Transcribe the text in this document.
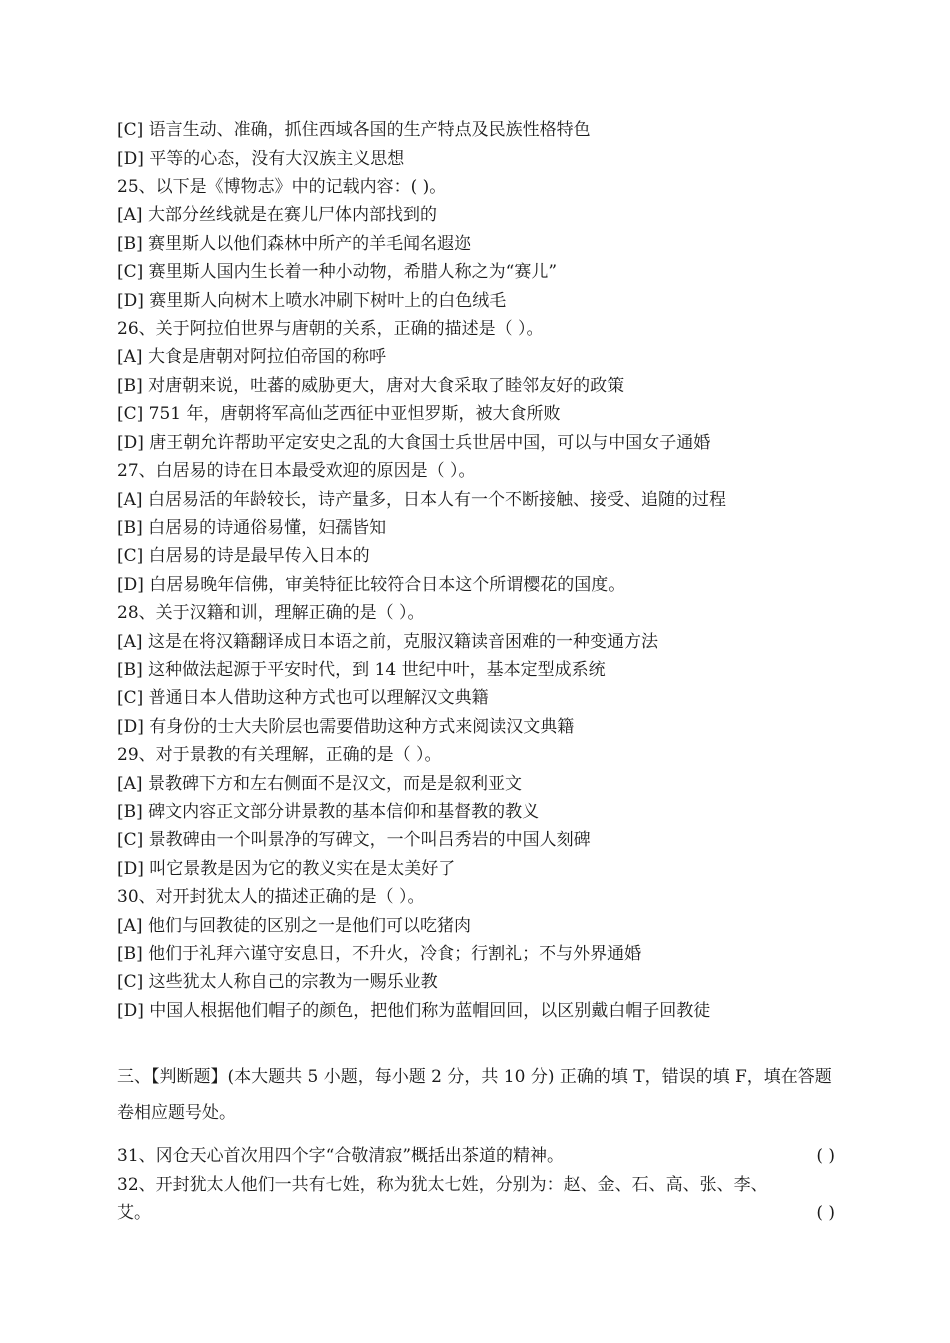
[C] 语言生动、准确，抓住西域各国的生产特点及民族性格特色
[D] 平等的心态，没有大汉族主义思想
25、以下是《博物志》中的记载内容：( )。
[A] 大部分丝线就是在赛儿尸体内部找到的
[B] 赛里斯人以他们森林中所产的羊毛闻名遐迩
[C] 赛里斯人国内生长着一种小动物，希腊人称之为“赛儿”
[D] 赛里斯人向树木上喷水冲刷下树叶上的白色绒毛
26、关于阿拉伯世界与唐朝的关系，正确的描述是（ ）。
[A] 大食是唐朝对阿拉伯帝国的称呼
[B] 对唐朝来说，吐蕃的威胁更大，唐对大食采取了睦邻友好的政策
[C] 751 年，唐朝将军高仙芝西征中亚怛罗斯，被大食所败
[D] 唐王朝允许帮助平定安史之乱的大食国士兵世居中国，可以与中国女子通婚
27、白居易的诗在日本最受欢迎的原因是（ ）。
[A] 白居易活的年龄较长，诗产量多，日本人有一个不断接触、接受、追随的过程
[B] 白居易的诗通俗易懂，妇孺皆知
[C] 白居易的诗是最早传入日本的
[D] 白居易晚年信佛，审美特征比较符合日本这个所谓樱花的国度。
28、关于汉籍和训，理解正确的是（ ）。
[A] 这是在将汉籍翻译成日本语之前，克服汉籍读音困难的一种变通方法
[B] 这种做法起源于平安时代，到 14 世纪中叶，基本定型成系统
[C] 普通日本人借助这种方式也可以理解汉文典籍
[D] 有身份的士大夫阶层也需要借助这种方式来阅读汉文典籍
29、对于景教的有关理解，正确的是（ ）。
[A] 景教碑下方和左右侧面不是汉文，而是是叙利亚文
[B] 碑文内容正文部分讲景教的基本信仰和基督教的教义
[C] 景教碑由一个叫景净的写碑文，一个叫吕秀岩的中国人刻碑
[D] 叫它景教是因为它的教义实在是太美好了
30、对开封犹太人的描述正确的是（ ）。
[A] 他们与回教徒的区别之一是他们可以吃猪肉
[B] 他们于礼拜六谨守安息日，不升火，冷食；行割礼；不与外界通婚
[C] 这些犹太人称自己的宗教为一赐乐业教
[D] 中国人根据他们帽子的颜色，把他们称为蓝帽回回，以区别戴白帽子回教徒
三、【判断题】(本大题共 5 小题，每小题 2 分，共 10 分) 正确的填 T，错误的填 F，填在答题卷相应题号处。
31、冈仓天心首次用四个字“合敬清寂”概括出茶道的精神。	( )
32、开封犹太人他们一共有七姓，称为犹太七姓，分别为：赵、金、石、高、张、李、
艾。	( )
